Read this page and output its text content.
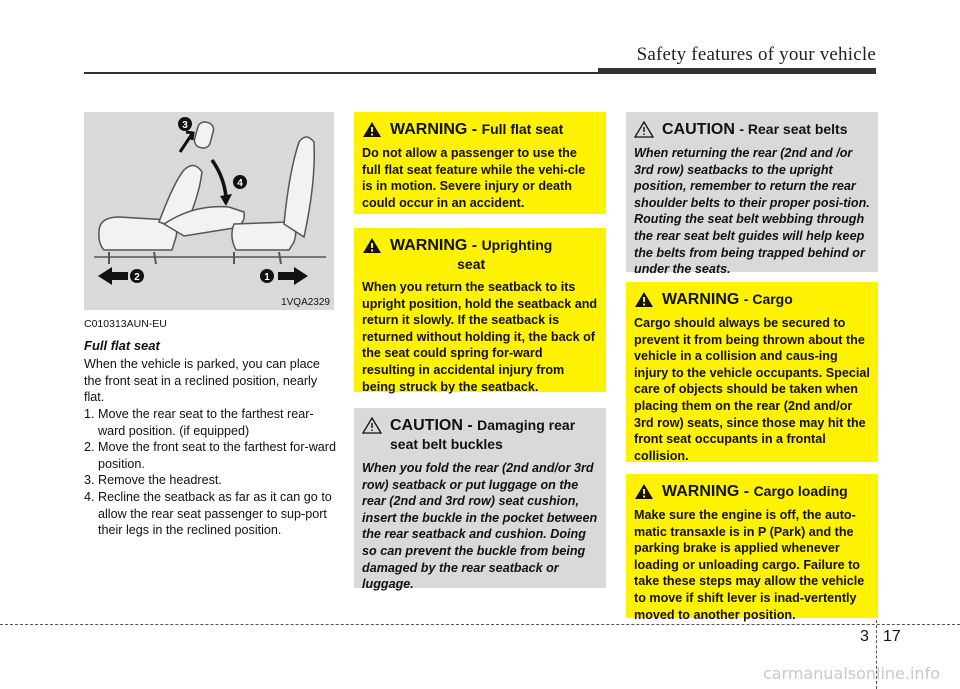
Safety features of your vehicle
1
2
3
4
1VQA2329
C010313AUN-EU
Full flat seat

When the vehicle is parked, you can place the front seat in a reclined position, nearly flat.

1. Move the rear seat to the farthest rear-ward position. (if equipped)
2. Move the front seat to the farthest for-ward position.
3. Remove the headrest.
4. Recline the seatback as far as it can go to allow the rear seat passenger to sup-port their legs in the reclined position.
WARNING - Full flat seat
Do not allow a passenger to use the full flat seat feature while the vehi-cle is in motion. Severe injury or death could occur in an accident.
WARNING - Uprighting

seat
When you return the seatback to its upright position, hold the seatback and return it slowly. If the seatback is returned without holding it, the back of the seat could spring for-ward resulting in accidental injury from being struck by the seatback.
CAUTION - Damaging rear
seat belt buckles
When you fold the rear (2nd and/or 3rd row) seatback or put luggage on the rear (2nd and 3rd row) seat cushion, insert the buckle in the pocket between the rear seatback and cushion. Doing so can prevent the buckle from being damaged by the rear seatback or luggage.
CAUTION - Rear seat belts
When returning the rear (2nd and /or 3rd row) seatbacks to the upright position, remember to return the rear shoulder belts to their proper posi-tion. Routing the seat belt webbing through the rear seat belt guides will help keep the belts from being trapped behind or under the seats.
WARNING - Cargo
Cargo should always be secured to prevent it from being thrown about the vehicle in a collision and caus-ing injury to the vehicle occupants. Special care of objects should be taken when placing them on the rear (2nd and/or 3rd row) seats, since those may hit the front seat occupants in a frontal collision.
WARNING - Cargo loading
Make sure the engine is off, the auto-matic transaxle is in P (Park) and the parking brake is applied whenever loading or unloading cargo. Failure to take these steps may allow the vehicle to move if shift lever is inad-vertently moved to another position.
3 17
carmanualsonline.info
